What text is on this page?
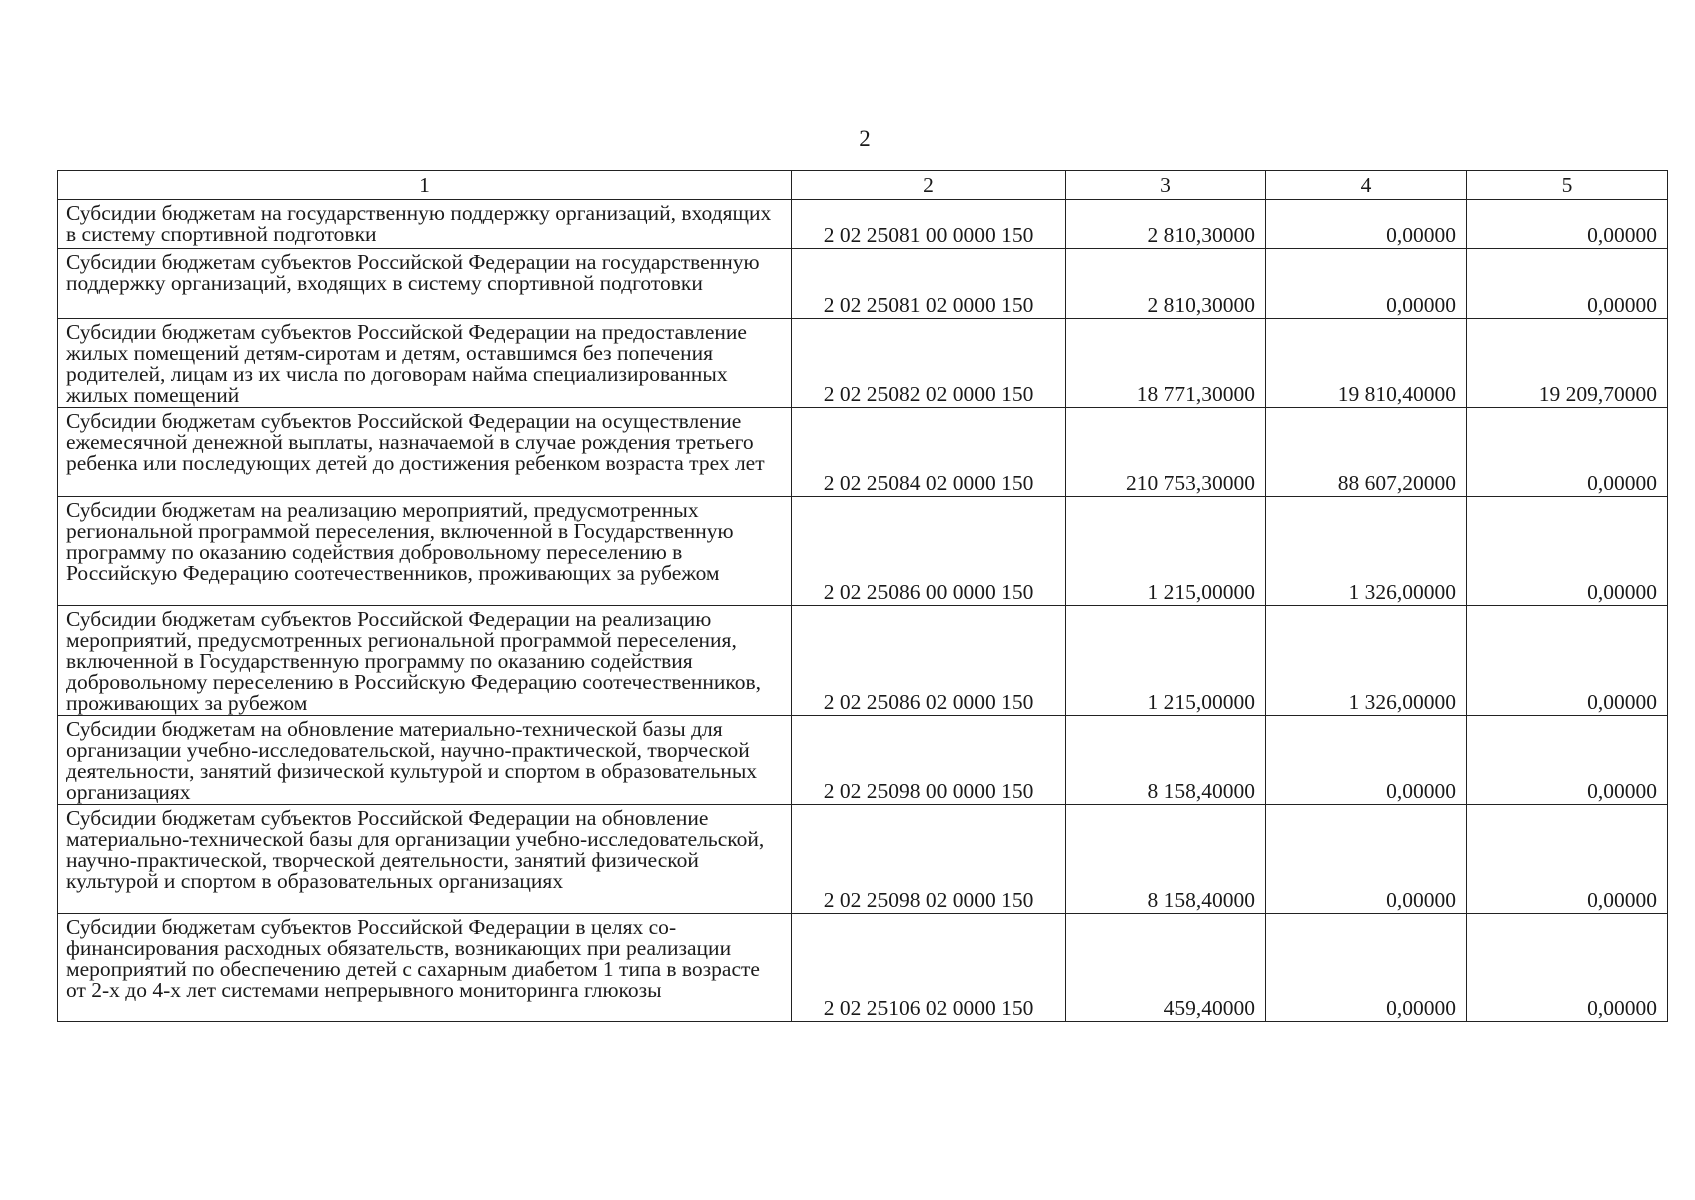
2
1	2	3	4	5
Субсидии бюджетам на государственную поддержку организаций, входящих в систему спортивной подготовки	2 02 25081 00 0000 150	2 810,30000	0,00000	0,00000
Субсидии бюджетам субъектов Российской Федерации на государственную поддержку организаций, входящих в систему спортивной подготовки	2 02 25081 02 0000 150	2 810,30000	0,00000	0,00000
Субсидии бюджетам субъектов Российской Федерации на предоставление жилых помещений детям-сиротам и детям, оставшимся без попечения родителей, лицам из их числа по договорам найма специализированных жилых помещений	2 02 25082 02 0000 150	18 771,30000	19 810,40000	19 209,70000
Субсидии бюджетам субъектов Российской Федерации на осуществление ежемесячной денежной выплаты, назначаемой в случае рождения третьего ребенка или последующих детей до достижения ребенком возраста трех лет	2 02 25084 02 0000 150	210 753,30000	88 607,20000	0,00000
Субсидии бюджетам на реализацию мероприятий, предусмотренных региональной программой переселения, включенной в Государственную программу по оказанию содействия добровольному переселению в Российскую Федерацию соотечественников, проживающих за рубежом	2 02 25086 00 0000 150	1 215,00000	1 326,00000	0,00000
Субсидии бюджетам субъектов Российской Федерации на реализацию мероприятий, предусмотренных региональной программой переселения, включенной в Государственную программу по оказанию содействия добровольному переселению в Российскую Федерацию соотечественников, проживающих за рубежом	2 02 25086 02 0000 150	1 215,00000	1 326,00000	0,00000
Субсидии бюджетам на обновление материально-технической базы для организации учебно-исследовательской, научно-практической, творческой деятельности, занятий физической культурой и спортом в образовательных организациях	2 02 25098 00 0000 150	8 158,40000	0,00000	0,00000
Субсидии бюджетам субъектов Российской Федерации на обновление материально-технической базы для организации учебно-исследовательской, научно-практической, творческой деятельности, занятий физической культурой и спортом в образовательных организациях	2 02 25098 02 0000 150	8 158,40000	0,00000	0,00000
Субсидии бюджетам субъектов Российской Федерации в целях софинансирования расходных обязательств, возникающих при реализации мероприятий по обеспечению детей с сахарным диабетом 1 типа в возрасте от 2-х до 4-х лет системами непрерывного мониторинга глюкозы	2 02 25106 02 0000 150	459,40000	0,00000	0,00000
